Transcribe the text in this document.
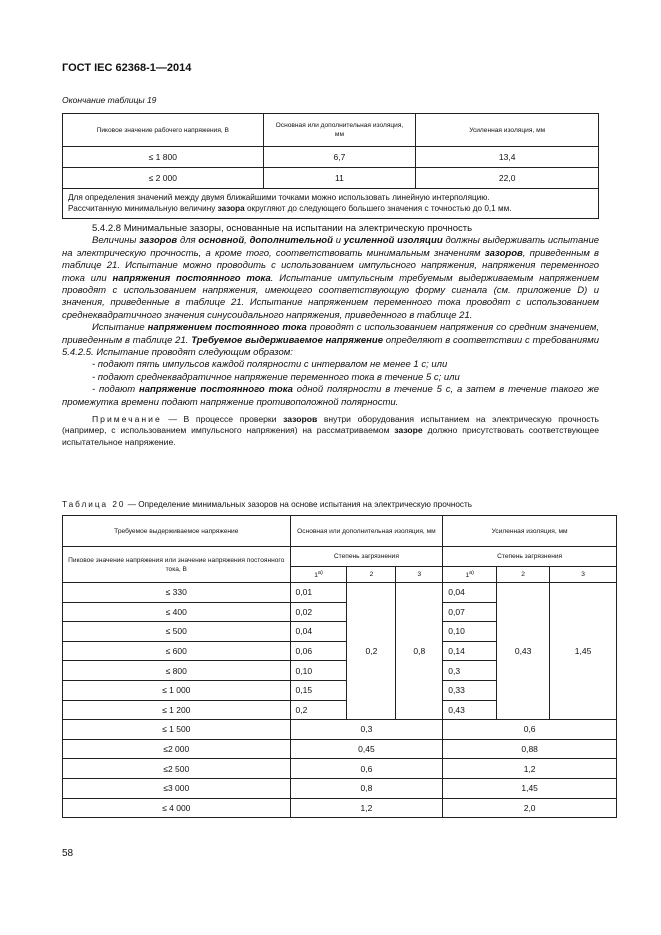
ГОСТ IEC 62368-1—2014
Окончание таблицы 19
Пиковое значение рабочего напряжения, В	Основная или дополнительная изоляция, мм	Усиленная изоляция, мм
≤ 1 800	6,7	13,4
≤ 2 000	11	22,0
Для определения значений между двумя ближайшими точками можно использовать линейную интерполяцию.
Рассчитанную минимальную величину зазора округляют до следующего большего значения с точностью до 0,1 мм.		

5.4.2.8 Минимальные зазоры, основанные на испытании на электрическую прочность

Величины зазоров для основной, дополнительной и усиленной изоляции должны выдерживать испытание на электрическую прочность, а кроме того, соответствовать минимальным значениям зазоров, приведенным в таблице 21. Испытание можно проводить с использованием импульсного напряжения, напряжения переменного тока или напряжения постоянного тока. Испытание импульсным требуемым выдерживаемым напряжением проводят с использованием напряжения, имеющего соответствующую форму сигнала (см. приложение D) и значения, приведенные в таблице 21. Испытание напряжением переменного тока проводят с использованием среднеквадратичного значения синусоидального напряжения, приведенного в таблице 21.

Испытание напряжением постоянного тока проводят с использованием напряжения со средним значением, приведенным в таблице 21. Требуемое выдерживаемое напряжение определяют в соответствии с требованиями 5.4.2.5. Испытание проводят следующим образом:

- подают пять импульсов каждой полярности с интервалом не менее 1 с; или

- подают среднеквадратичное напряжение переменного тока в течение 5 с; или

- подают напряжение постоянного тока одной полярности в течение 5 с, а затем в течение такого же промежутка времени подают напряжение противоположной полярности.

Примечание — В процессе проверки зазоров внутри оборудования испытанием на электрическую прочность (например, с использованием импульсного напряжения) на рассматриваемом зазоре должно присутствовать соответствующее испытательное напряжение.

Таблица 20 — Определение минимальных зазоров на основе испытания на электрическую прочность
Требуемое выдерживаемое напряжение	Основная или дополнительная изоляция, мм			Усиленная изоляция, мм		
Пиковое значение напряжения или значение напряжения постоянного тока, В	Степень загрязнения			Степень загрязнения		
	$1^{а)}$	2	3	$1^{а)}$	2	3
≤ 330	0,01	0,2	0,8	0,04	0,43	1,45
≤ 400	0,02			0,07		
≤ 500	0,04			0,10		
≤ 600	0,06			0,14		
≤ 800	0,10			0,3		
≤ 1 000	0,15			0,33		
≤ 1 200	0,2			0,43		
≤ 1 500	0,3			0,6		
≤2 000	0,45			0,88		
≤2 500	0,6			1,2		
≤3 000	0,8			1,45		
≤ 4 000	1,2			2,0		
58
